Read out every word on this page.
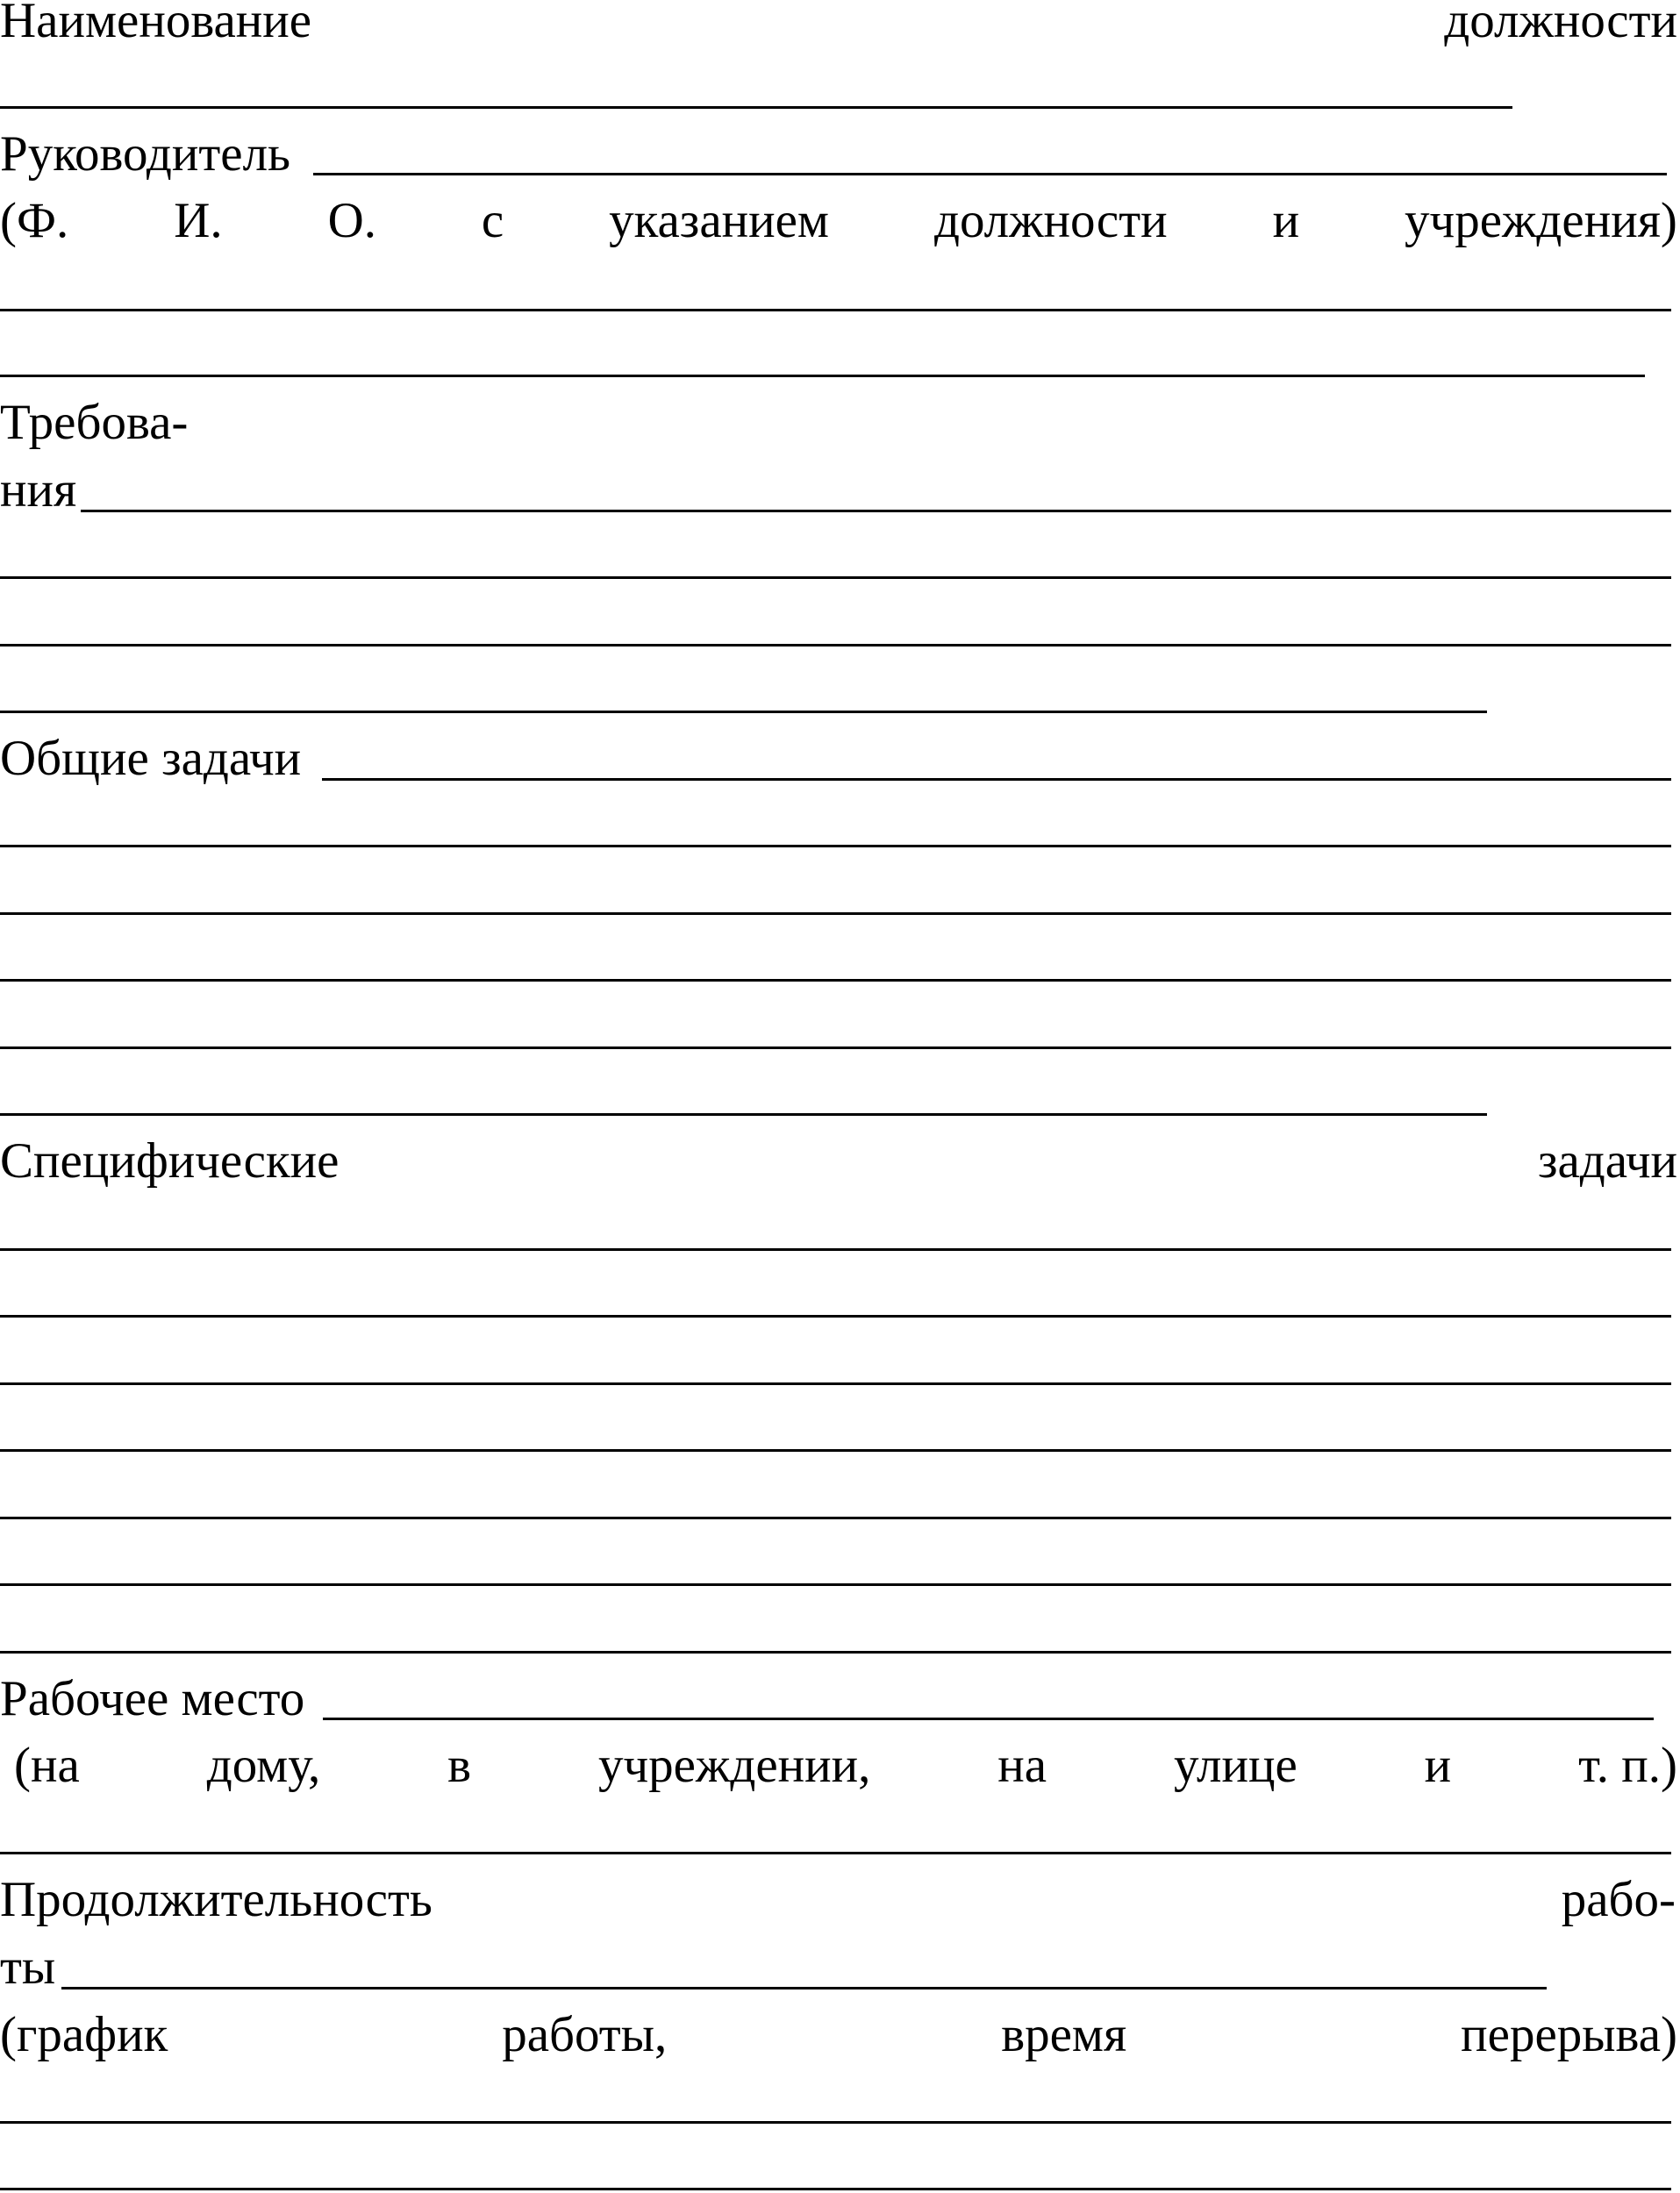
Наименование	должности
Руководитель
(Ф. И. О. с указанием должности и учреждения)
Требова-
ния
Общие задачи
Специфические	задачи
Рабочее место
(на	дому,	в	учреждении,	на	улице	и	т. п.)
Продолжительность	рабо-
ты
(график	работы,	время	перерыва)
